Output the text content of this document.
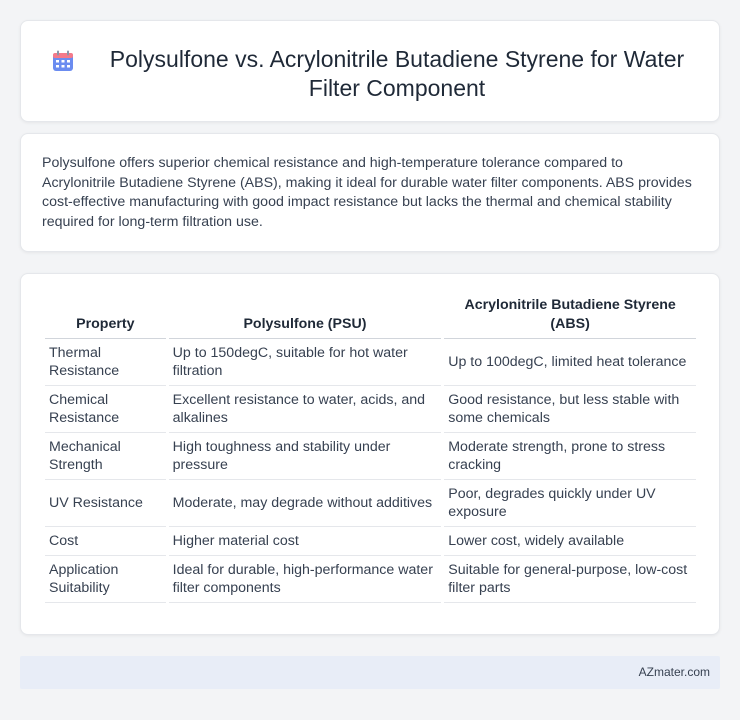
Polysulfone vs. Acrylonitrile Butadiene Styrene for Water Filter Component

Polysulfone offers superior chemical resistance and high-temperature tolerance compared to Acrylonitrile Butadiene Styrene (ABS), making it ideal for durable water filter components. ABS provides cost-effective manufacturing with good impact resistance but lacks the thermal and chemical stability required for long-term filtration use.

Property	Polysulfone (PSU)	Acrylonitrile Butadiene Styrene (ABS)
Thermal Resistance	Up to 150degC, suitable for hot water filtration	Up to 100degC, limited heat tolerance
Chemical Resistance	Excellent resistance to water, acids, and alkalines	Good resistance, but less stable with some chemicals
Mechanical Strength	High toughness and stability under pressure	Moderate strength, prone to stress cracking
UV Resistance	Moderate, may degrade without additives	Poor, degrades quickly under UV exposure
Cost	Higher material cost	Lower cost, widely available
Application Suitability	Ideal for durable, high-performance water filter components	Suitable for general-purpose, low-cost filter parts
AZmater.com
